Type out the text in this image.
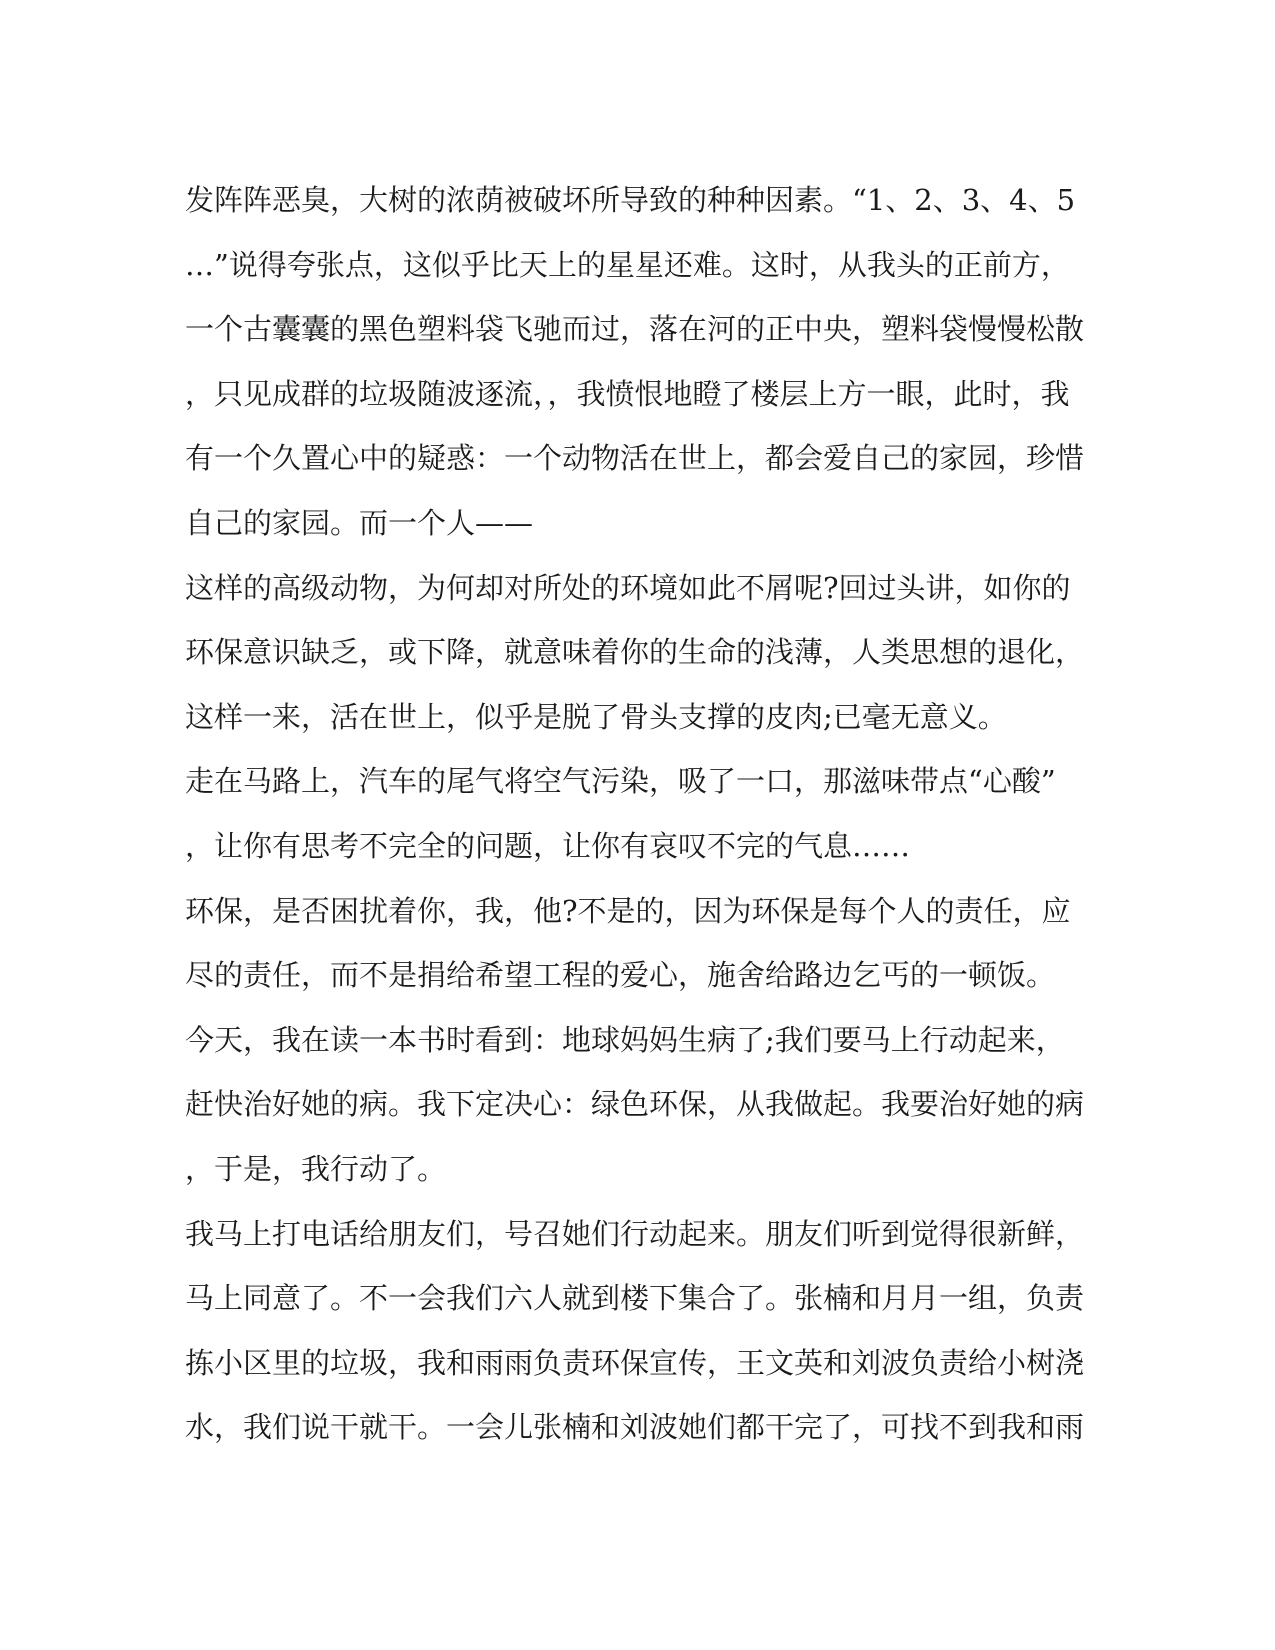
发阵阵恶臭，大树的浓荫被破坏所导致的种种因素。“1、2、3、4、5
…”说得夸张点，这似乎比天上的星星还难。这时，从我头的正前方，
一个古囊囊的黑色塑料袋飞驰而过，落在河的正中央，塑料袋慢慢松散
，只见成群的垃圾随波逐流，，我愤恨地瞪了楼层上方一眼，此时，我
有一个久置心中的疑惑：一个动物活在世上，都会爱自己的家园，珍惜
自己的家园。而一个人——
这样的高级动物，为何却对所处的环境如此不屑呢?回过头讲，如你的
环保意识缺乏，或下降，就意味着你的生命的浅薄，人类思想的退化，
这样一来，活在世上，似乎是脱了骨头支撑的皮肉;已毫无意义。
走在马路上，汽车的尾气将空气污染，吸了一口，那滋味带点“心酸”
，让你有思考不完全的问题，让你有哀叹不完的气息……
环保，是否困扰着你，我，他?不是的，因为环保是每个人的责任，应
尽的责任，而不是捐给希望工程的爱心，施舍给路边乞丐的一顿饭。
今天，我在读一本书时看到：地球妈妈生病了;我们要马上行动起来，
赶快治好她的病。我下定决心：绿色环保，从我做起。我要治好她的病
，于是，我行动了。
我马上打电话给朋友们，号召她们行动起来。朋友们听到觉得很新鲜，
马上同意了。不一会我们六人就到楼下集合了。张楠和月月一组，负责
拣小区里的垃圾，我和雨雨负责环保宣传，王文英和刘波负责给小树浇
水，我们说干就干。一会儿张楠和刘波她们都干完了，可找不到我和雨
